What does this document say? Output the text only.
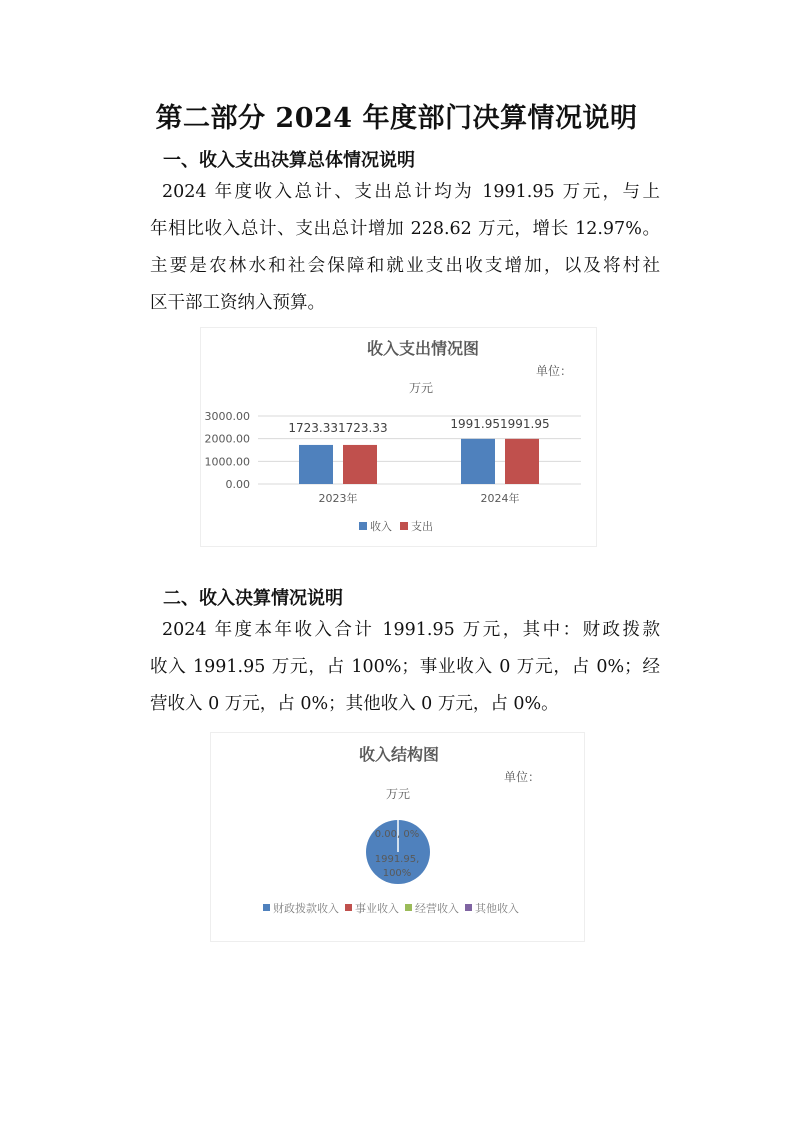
第二部分 2024 年度部门决算情况说明
一、收入支出决算总体情况说明
2024 年度收入总计、支出总计均为 1991.95 万元，与上
年相比收入总计、支出总计增加 228.62 万元，增长 12.97%。
主要是农林水和社会保障和就业支出收支增加，以及将村社
区干部工资纳入预算。
收入支出情况图
单位：
万元
0.00
1000.00
2000.00
3000.00
1723.331723.33	1991.951991.95
2023年	2024年
收入 支出
二、收入决算情况说明
2024 年度本年收入合计 1991.95 万元，其中：财政拨款
收入 1991.95 万元，占 100%；事业收入 0 万元，占 0%；经
营收入 0 万元，占 0%；其他收入 0 万元，占 0%。
收入结构图
单位：
万元
0.00, 0%
1991.95,
100%
财政拨款收入 事业收入 经营收入 其他收入
